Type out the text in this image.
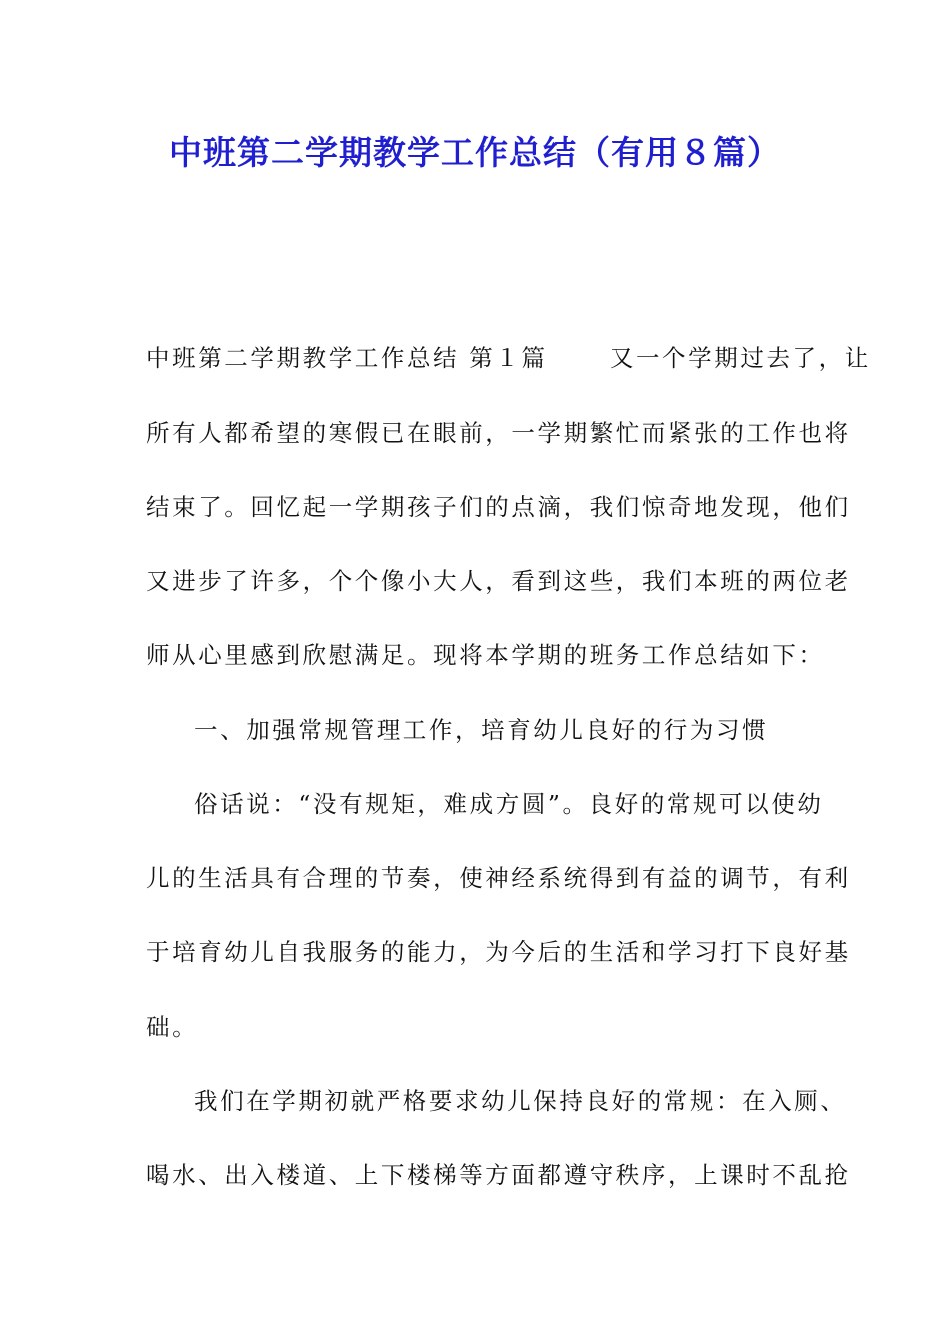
中班第二学期教学工作总结（有用８篇）
中班第二学期教学工作总结 第１篇　　 又一个学期过去了，让
所有人都希望的寒假已在眼前，一学期繁忙而紧张的工作也将
结束了。回忆起一学期孩子们的点滴，我们惊奇地发现，他们
又进步了许多，个个像小大人，看到这些，我们本班的两位老
师从心里感到欣慰满足。现将本学期的班务工作总结如下：
一、加强常规管理工作，培育幼儿良好的行为习惯
俗话说：“没有规矩，难成方圆”。良好的常规可以使幼
儿的生活具有合理的节奏，使神经系统得到有益的调节，有利
于培育幼儿自我服务的能力，为今后的生活和学习打下良好基
础。
我们在学期初就严格要求幼儿保持良好的常规：在入厕、
喝水、出入楼道、上下楼梯等方面都遵守秩序，上课时不乱抢
